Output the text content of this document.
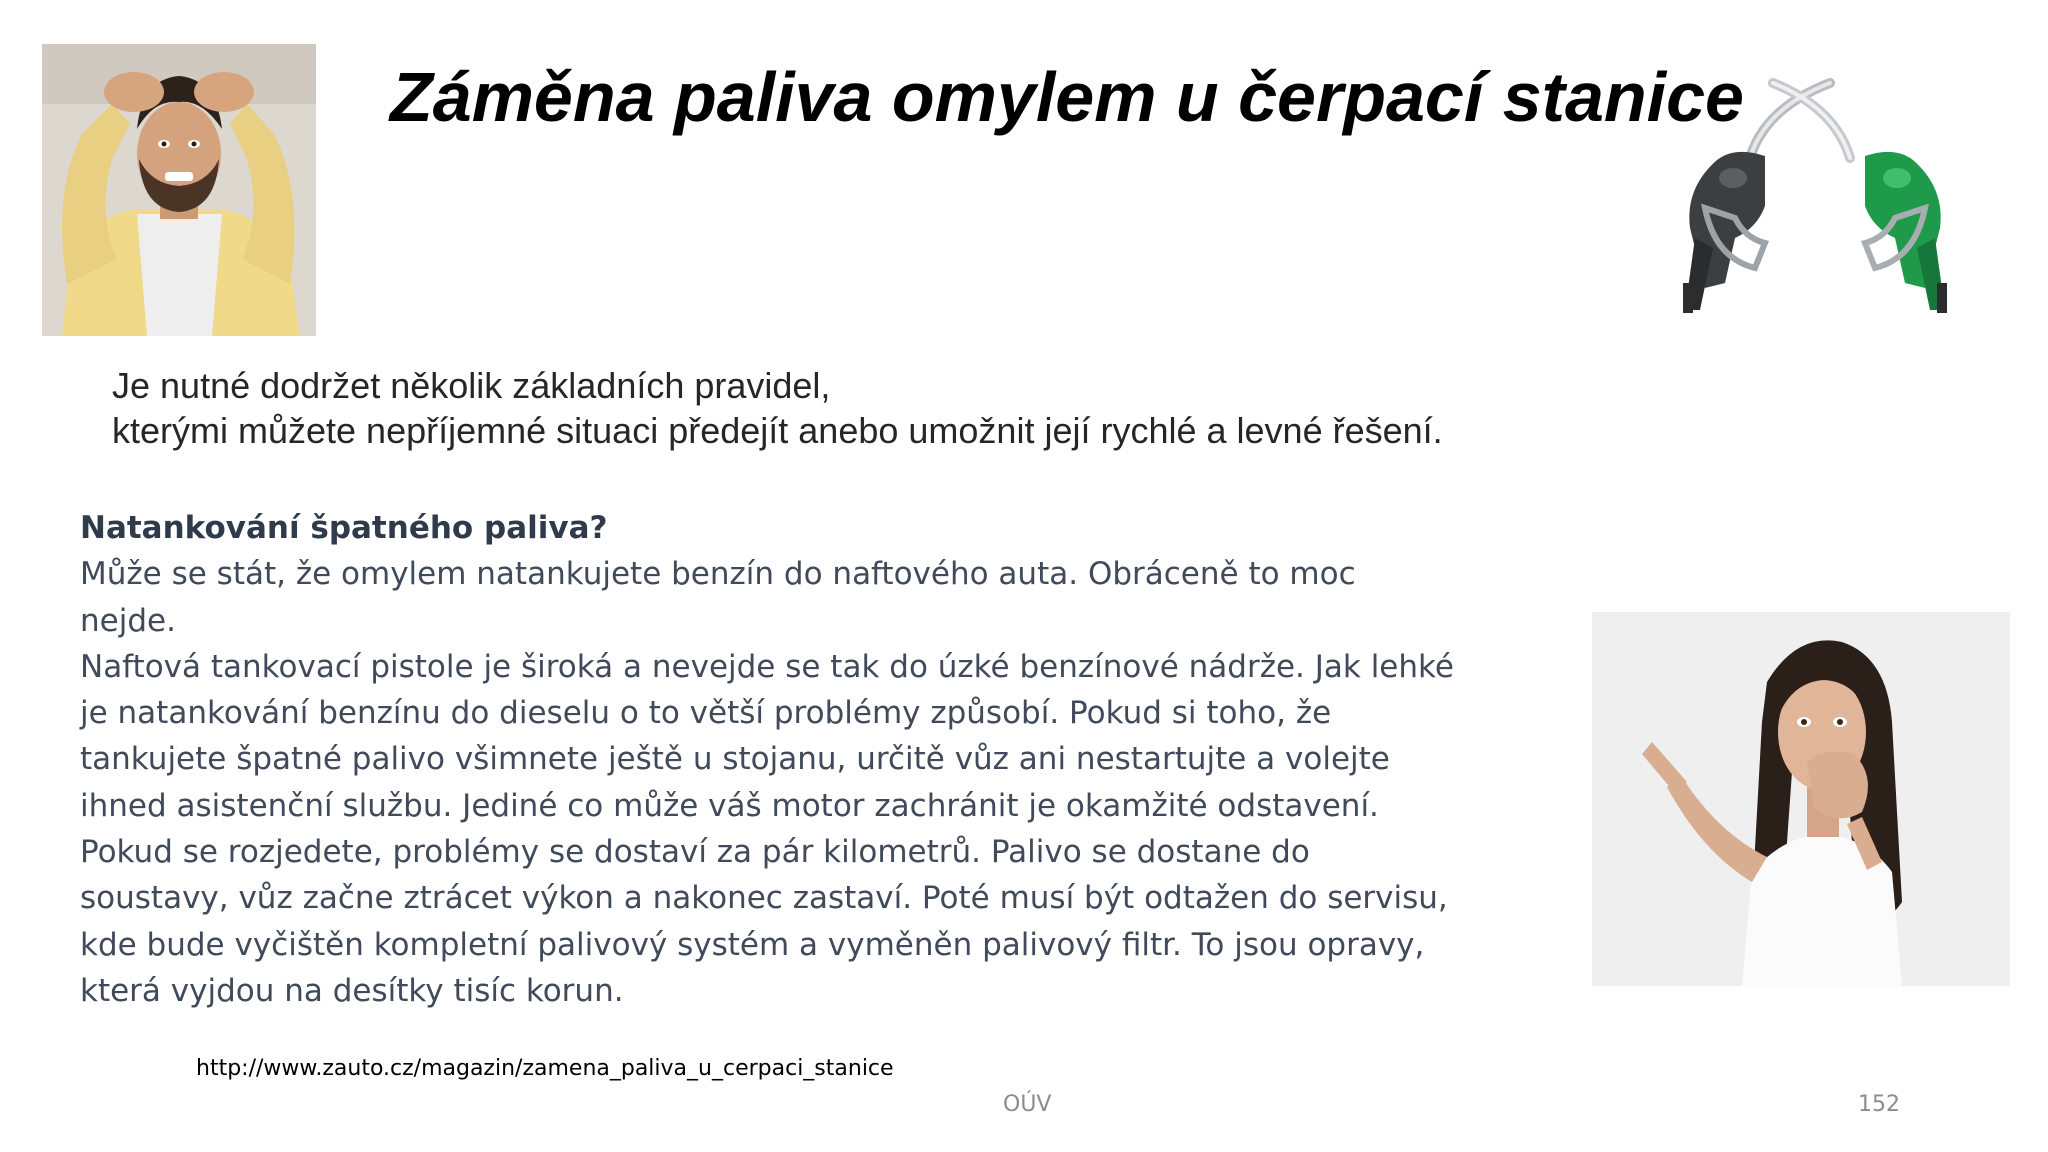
Záměna paliva omylem u čerpací stanice

Je nutné dodržet několik základních pravidel,
kterými můžete nepříjemné situaci předejít anebo umožnit její rychlé a levné řešení.

Natankování špatného paliva?

Může se stát, že omylem natankujete benzín do naftového auta. Obráceně to moc nejde.

Naftová tankovací pistole je široká a nevejde se tak do úzké benzínové nádrže. Jak lehké je natankování benzínu do dieselu o to větší problémy způsobí. Pokud si toho, že tankujete špatné palivo všimnete ještě u stojanu, určitě vůz ani nestartujte a volejte ihned asistenční službu. Jediné co může váš motor zachránit je okamžité odstavení. Pokud se rozjedete, problémy se dostaví za pár kilometrů. Palivo se dostane do soustavy, vůz začne ztrácet výkon a nakonec zastaví. Poté musí být odtažen do servisu, kde bude vyčištěn kompletní palivový systém a vyměněn palivový filtr. To jsou opravy, která vyjdou na desítky tisíc korun.

http://www.zauto.cz/magazin/zamena_paliva_u_cerpaci_stanice
OÚV	152
